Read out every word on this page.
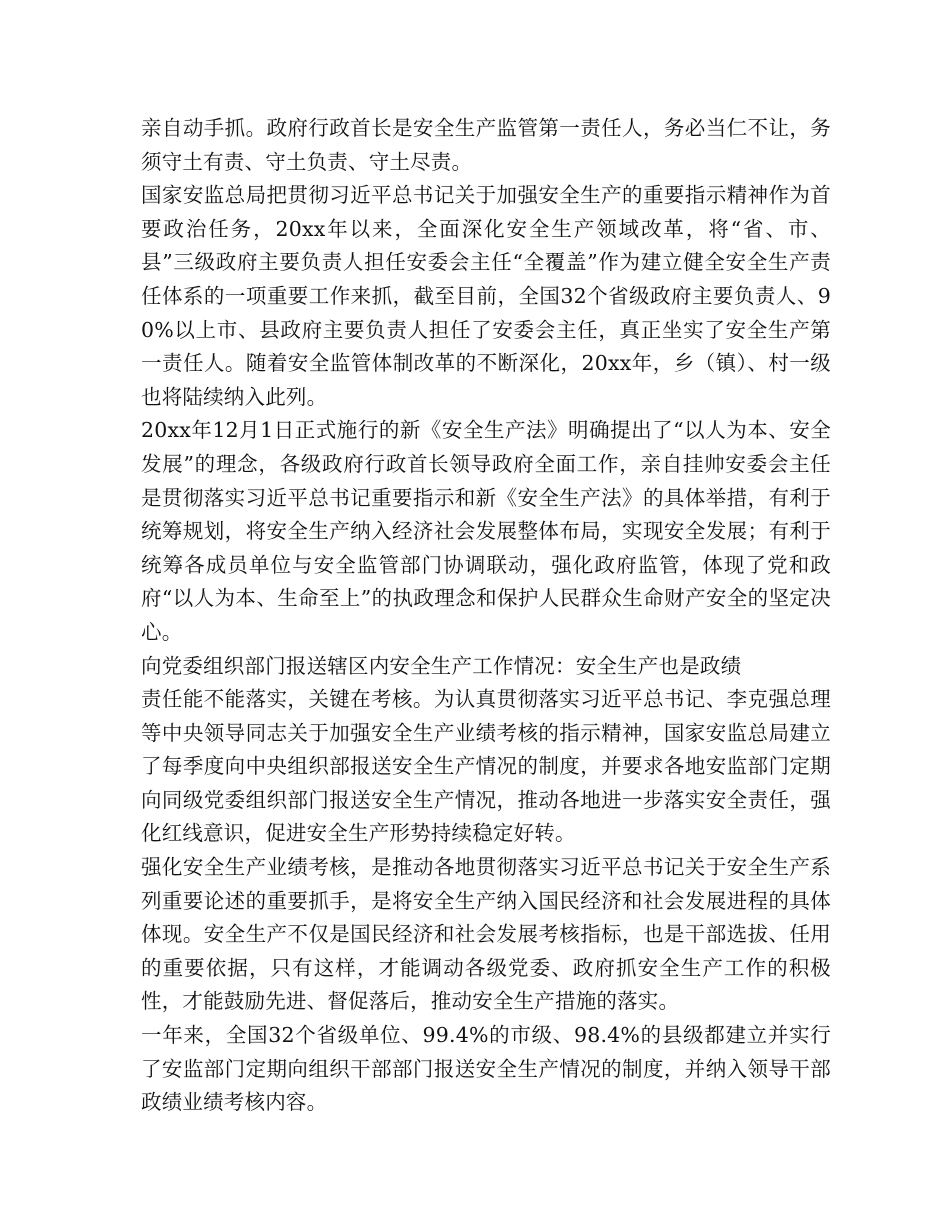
亲自动手抓。政府行政首长是安全生产监管第一责任人，务必当仁不让，务须守土有责、守土负责、守土尽责。

国家安监总局把贯彻习近平总书记关于加强安全生产的重要指示精神作为首要政治任务，20xx年以来，全面深化安全生产领域改革，将“省、市、县”三级政府主要负责人担任安委会主任“全覆盖”作为建立健全安全生产责任体系的一项重要工作来抓，截至目前，全国32个省级政府主要负责人、90%以上市、县政府主要负责人担任了安委会主任，真正坐实了安全生产第一责任人。随着安全监管体制改革的不断深化，20xx年，乡（镇）、村一级也将陆续纳入此列。

20xx年12月1日正式施行的新《安全生产法》明确提出了“以人为本、安全发展”的理念，各级政府行政首长领导政府全面工作，亲自挂帅安委会主任是贯彻落实习近平总书记重要指示和新《安全生产法》的具体举措，有利于统筹规划，将安全生产纳入经济社会发展整体布局，实现安全发展；有利于统筹各成员单位与安全监管部门协调联动，强化政府监管，体现了党和政府“以人为本、生命至上”的执政理念和保护人民群众生命财产安全的坚定决心。

向党委组织部门报送辖区内安全生产工作情况：安全生产也是政绩

责任能不能落实，关键在考核。为认真贯彻落实习近平总书记、李克强总理等中央领导同志关于加强安全生产业绩考核的指示精神，国家安监总局建立了每季度向中央组织部报送安全生产情况的制度，并要求各地安监部门定期向同级党委组织部门报送安全生产情况，推动各地进一步落实安全责任，强化红线意识，促进安全生产形势持续稳定好转。

强化安全生产业绩考核，是推动各地贯彻落实习近平总书记关于安全生产系列重要论述的重要抓手，是将安全生产纳入国民经济和社会发展进程的具体体现。安全生产不仅是国民经济和社会发展考核指标，也是干部选拔、任用的重要依据，只有这样，才能调动各级党委、政府抓安全生产工作的积极性，才能鼓励先进、督促落后，推动安全生产措施的落实。

一年来，全国32个省级单位、99.4%的市级、98.4%的县级都建立并实行了安监部门定期向组织干部部门报送安全生产情况的制度，并纳入领导干部政绩业绩考核内容。
